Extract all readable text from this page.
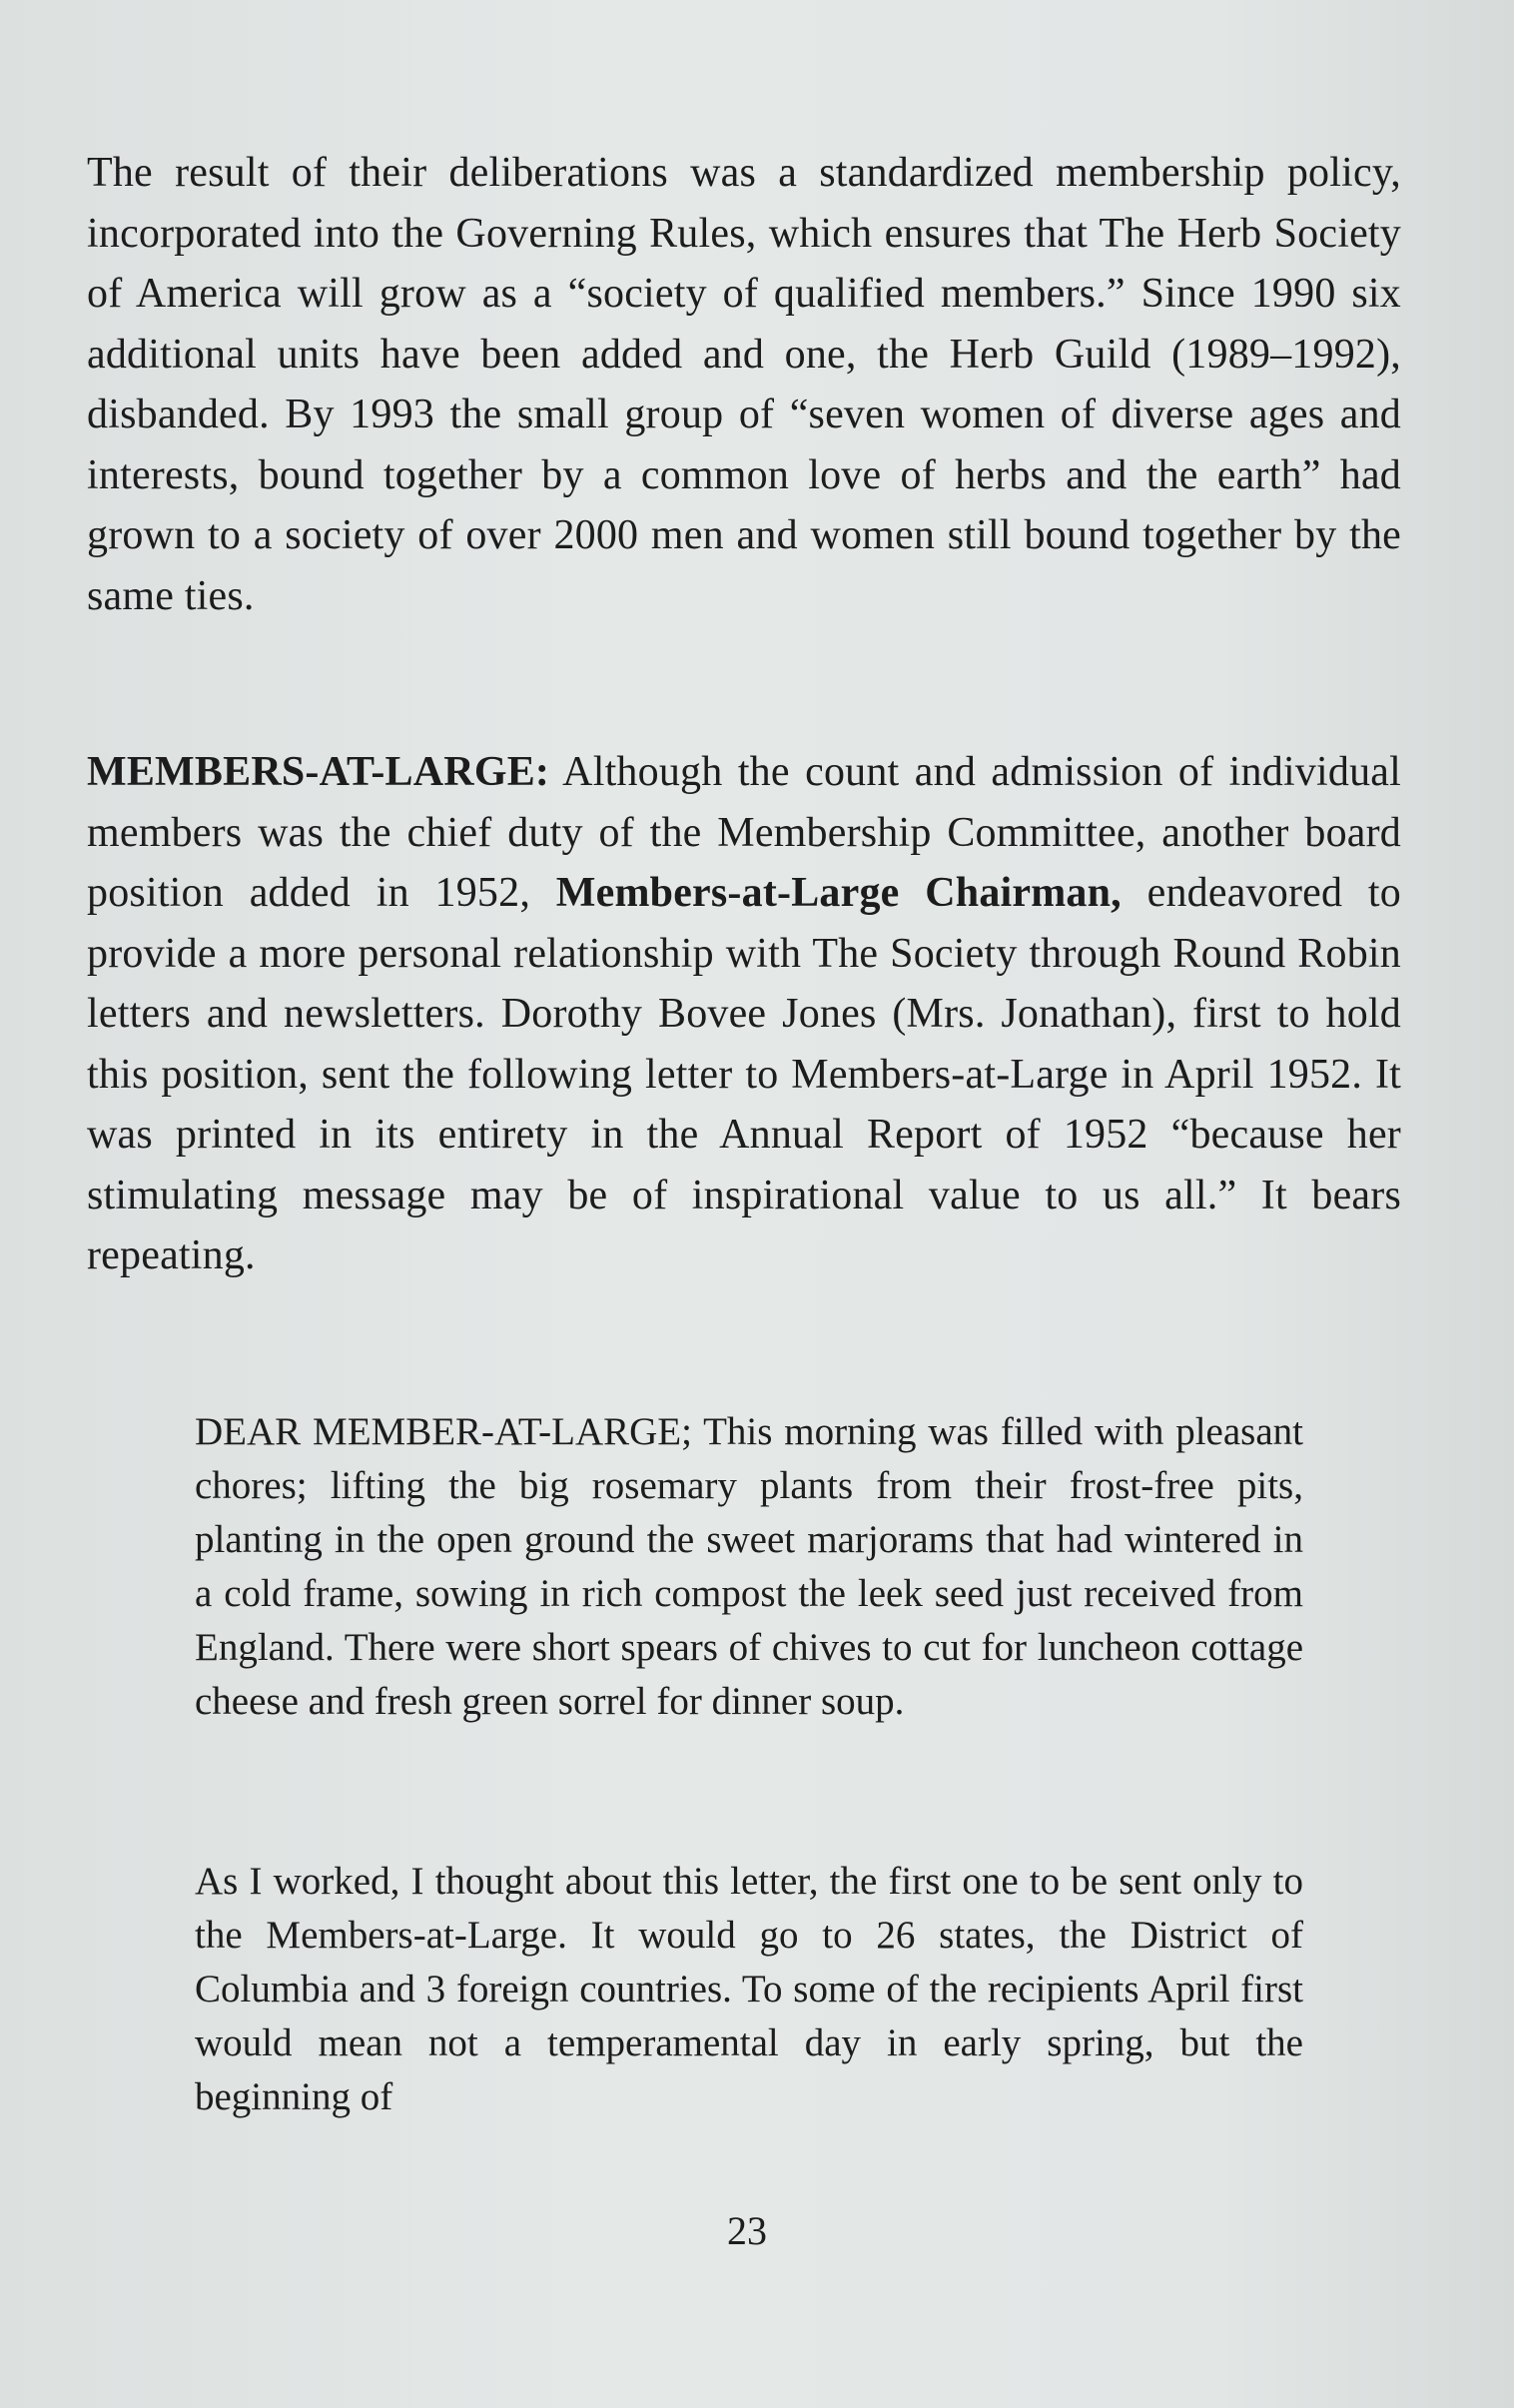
The result of their deliberations was a standardized membership policy, incorporated into the Governing Rules, which ensures that The Herb Society of America will grow as a “society of qualified members.” Since 1990 six additional units have been added and one, the Herb Guild (1989–1992), disbanded. By 1993 the small group of “seven women of diverse ages and interests, bound together by a common love of herbs and the earth” had grown to a society of over 2000 men and women still bound together by the same ties.

MEMBERS-AT-LARGE: Although the count and admission of individual members was the chief duty of the Membership Committee, another board position added in 1952, Members-at-Large Chairman, endeavored to provide a more personal relationship with The Society through Round Robin letters and newsletters. Dorothy Bovee Jones (Mrs. Jonathan), first to hold this position, sent the following letter to Members-at-Large in April 1952. It was printed in its entirety in the Annual Report of 1952 “because her stimulating message may be of inspirational value to us all.” It bears repeating.

DEAR MEMBER-AT-LARGE; This morning was filled with pleasant chores; lifting the big rosemary plants from their frost-free pits, planting in the open ground the sweet marjorams that had wintered in a cold frame, sowing in rich compost the leek seed just received from England. There were short spears of chives to cut for luncheon cottage cheese and fresh green sorrel for dinner soup.

As I worked, I thought about this letter, the first one to be sent only to the Members-at-Large. It would go to 26 states, the District of Columbia and 3 foreign countries. To some of the recipients April first would mean not a temperamental day in early spring, but the beginning of

23
